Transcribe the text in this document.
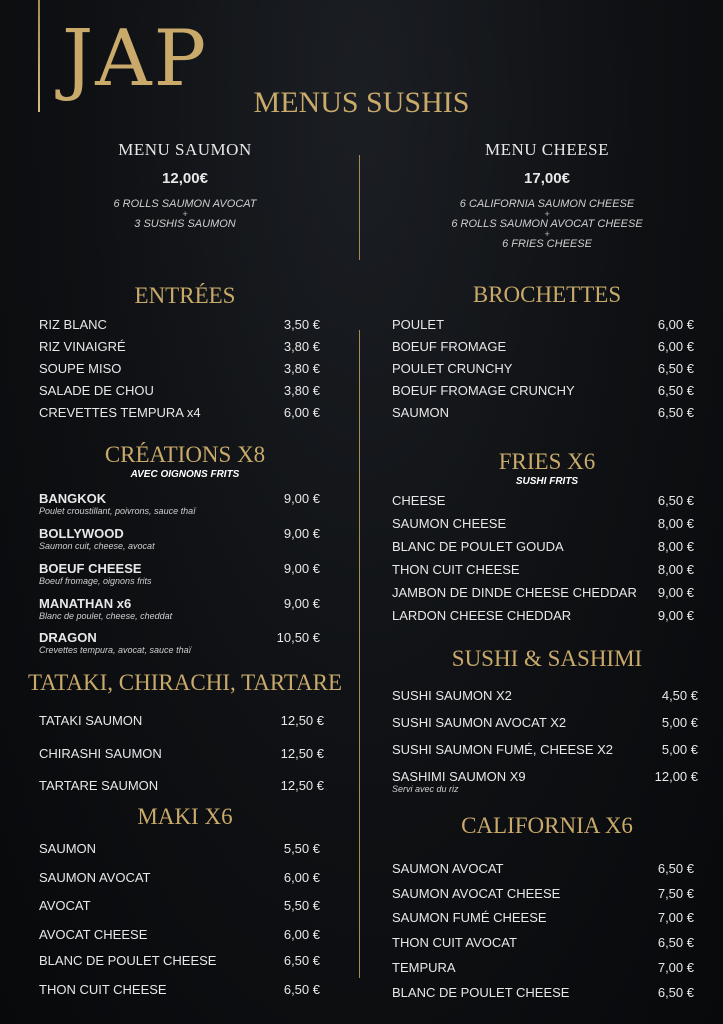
JAP	MENUS SUSHIS
MENU SAUMON
12,00€
6 ROLLS SAUMON AVOCAT
+
3 SUSHIS SAUMON
MENU CHEESE
17,00€
6 CALIFORNIA SAUMON CHEESE
+
6 ROLLS SAUMON AVOCAT CHEESE
+
6 FRIES CHEESE
ENTRÉES
RIZ BLANC	3,50 €
RIZ VINAIGRÉ	3,80 €
SOUPE MISO	3,80 €
SALADE DE CHOU	3,80 €
CREVETTES TEMPURA x4	6,00 €
CRÉATIONS X8
AVEC OIGNONS FRITS
BANGKOK	9,00 €
Poulet croustillant, poivrons, sauce thaï
BOLLYWOOD	9,00 €
Saumon cuit, cheese, avocat
BOEUF CHEESE	9,00 €
Boeuf fromage, oignons frits
MANATHAN x6	9,00 €
Blanc de poulet, cheese, cheddat
DRAGON	10,50 €
Crevettes tempura, avocat, sauce thaï
TATAKI, CHIRACHI, TARTARE
TATAKI SAUMON	12,50 €
CHIRASHI SAUMON	12,50 €
TARTARE SAUMON	12,50 €
MAKI X6
SAUMON	5,50 €
SAUMON AVOCAT	6,00 €
AVOCAT	5,50 €
AVOCAT CHEESE	6,00 €
BLANC DE POULET CHEESE	6,50 €
THON CUIT CHEESE	6,50 €
BROCHETTES
POULET	6,00 €
BOEUF FROMAGE	6,00 €
POULET CRUNCHY	6,50 €
BOEUF FROMAGE CRUNCHY	6,50 €
SAUMON	6,50 €
FRIES X6
SUSHI FRITS
CHEESE	6,50 €
SAUMON CHEESE	8,00 €
BLANC DE POULET GOUDA	8,00 €
THON CUIT CHEESE	8,00 €
JAMBON DE DINDE CHEESE CHEDDAR 9,00 €
LARDON CHEESE CHEDDAR	9,00 €
SUSHI & SASHIMI
SUSHI SAUMON X2	4,50 €
SUSHI SAUMON AVOCAT X2	5,00 €
SUSHI SAUMON FUMÉ, CHEESE X2	5,00 €
SASHIMI SAUMON X9	12,00 €
Servi avec du riz
CALIFORNIA X6
SAUMON AVOCAT	6,50 €
SAUMON AVOCAT CHEESE	7,50 €
SAUMON FUMÉ CHEESE	7,00 €
THON CUIT AVOCAT	6,50 €
TEMPURA	7,00 €
BLANC DE POULET CHEESE	6,50 €
